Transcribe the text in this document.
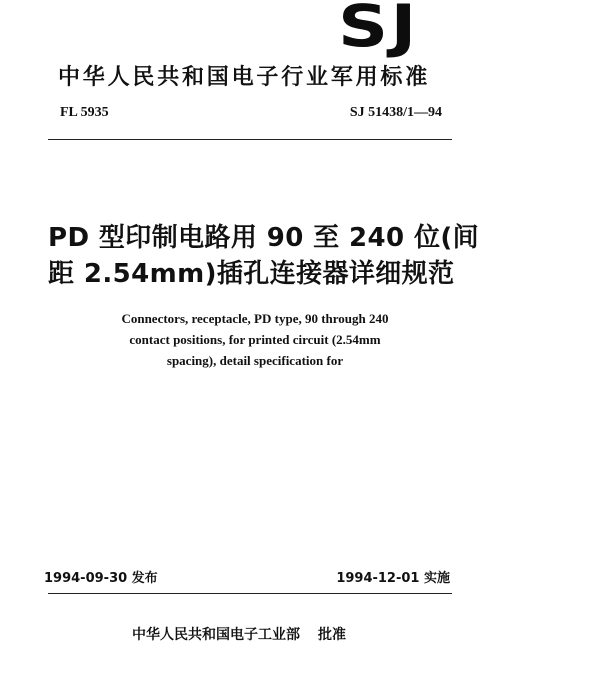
SJ
中华人民共和国电子行业军用标准
FL 5935	SJ 51438/1—94
PD 型印制电路用 90 至 240 位(间
距 2.54mm)插孔连接器详细规范
Connectors, receptacle, PD type, 90 through 240
contact positions, for printed circuit (2.54mm
spacing), detail specification for
1994-09-30 发布	1994-12-01 实施
中华人民共和国电子工业部 批准
